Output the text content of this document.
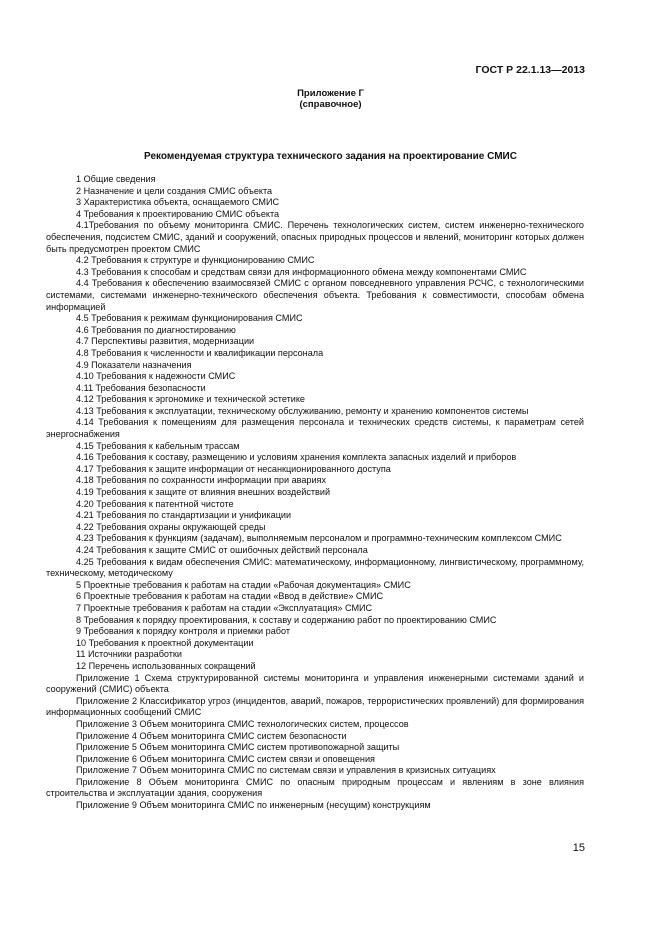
ГОСТ Р 22.1.13—2013
Приложение Г
(справочное)
Рекомендуемая структура технического задания на проектирование СМИС

1 Общие сведения

2 Назначение и цели создания СМИС объекта

3 Характеристика объекта, оснащаемого СМИС

4 Требования к проектированию СМИС объекта

4.1Требования по объему мониторинга СМИС. Перечень технологических систем, систем инженерно-технического обеспечения, подсистем СМИС, зданий и сооружений, опасных природных процессов и явлений, мониторинг которых должен быть предусмотрен проектом СМИС

4.2 Требования к структуре и функционированию СМИС

4.3 Требования к способам и средствам связи для информационного обмена между компонентами СМИС

4.4 Требования к обеспечению взаимосвязей СМИС с органом повседневного управления РСЧС, с технологическими системами, системами инженерно-технического обеспечения объекта. Требования к совместимости, способам обмена информацией

4.5 Требования к режимам функционирования СМИС

4.6 Требования по диагностированию

4.7 Перспективы развития, модернизации

4.8 Требования к численности и квалификации персонала

4.9 Показатели назначения

4.10 Требования к надежности СМИС

4.11 Требования безопасности

4.12 Требования к эргономике и технической эстетике

4.13 Требования к эксплуатации, техническому обслуживанию, ремонту и хранению компонентов системы

4.14 Требования к помещениям для размещения персонала и технических средств системы, к параметрам сетей энергоснабжения

4.15 Требования к кабельным трассам

4.16 Требования к составу, размещению и условиям хранения комплекта запасных изделий и приборов

4.17 Требования к защите информации от несанкционированного доступа

4.18 Требования по сохранности информации при авариях

4.19 Требования к защите от влияния внешних воздействий

4.20 Требования к патентной чистоте

4.21 Требования по стандартизации и унификации

4.22 Требования охраны окружающей среды

4.23 Требования к функциям (задачам), выполняемым персоналом и программно-техническим комплексом СМИС

4.24 Требования к защите СМИС от ошибочных действий персонала

4.25 Требования к видам обеспечения СМИС: математическому, информационному, лингвистическому, программному, техническому, методическому

5 Проектные требования к работам на стадии «Рабочая документация» СМИС

6 Проектные требования к работам на стадии «Ввод в действие» СМИС

7 Проектные требования к работам на стадии «Эксплуатация» СМИС

8 Требования к порядку проектирования, к составу и содержанию работ по проектированию СМИС

9 Требования к порядку контроля и приемки работ

10 Требования к проектной документации

11 Источники разработки

12 Перечень использованных сокращений

Приложение 1 Схема структурированной системы мониторинга и управления инженерными системами зданий и сооружений (СМИС) объекта

Приложение 2 Классификатор угроз (инцидентов, аварий, пожаров, террористических проявлений) для формирования информационных сообщений СМИС

Приложение 3 Объем мониторинга СМИС технологических систем, процессов

Приложение 4 Объем мониторинга СМИС систем безопасности

Приложение 5 Объем мониторинга СМИС систем противопожарной защиты

Приложение 6 Объем мониторинга СМИС систем связи и оповещения

Приложение 7 Объем мониторинга СМИС по системам связи и управления в кризисных ситуациях

Приложение 8 Объем мониторинга СМИС по опасным природным процессам и явлениям в зоне влияния строительства и эксплуатации здания, сооружения

Приложение 9 Объем мониторинга СМИС по инженерным (несущим) конструкциям

15
